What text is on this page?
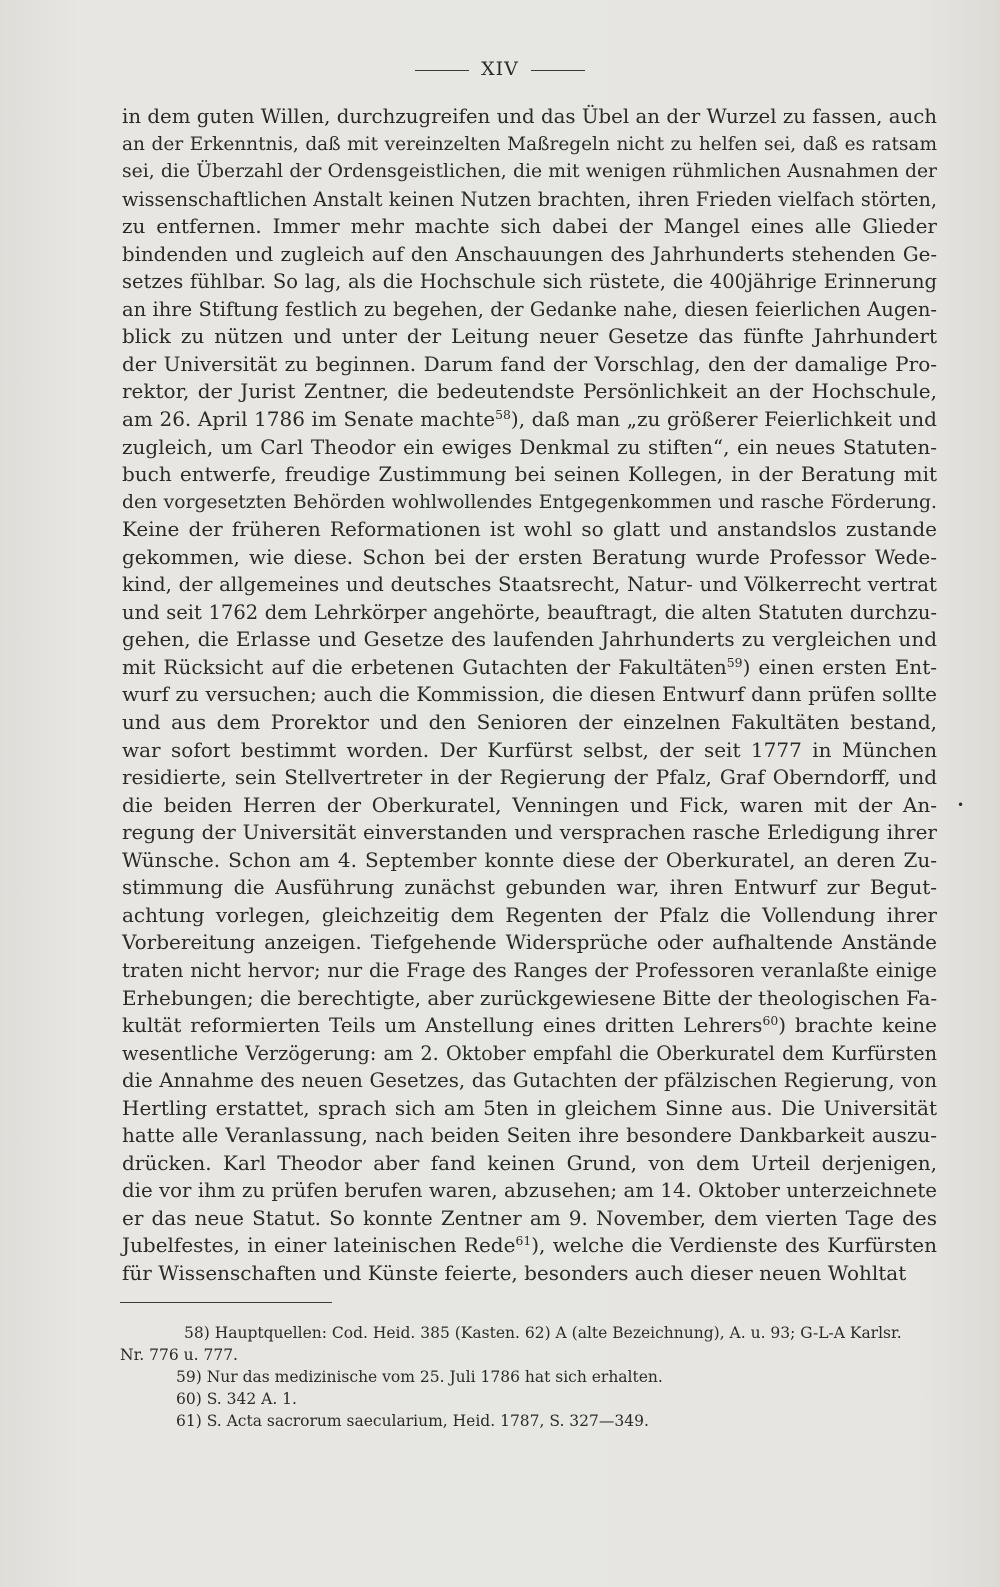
XIV
in dem guten Willen, durchzugreifen und das Übel an der Wurzel zu fassen, auch
an der Erkenntnis, daß mit vereinzelten Maßregeln nicht zu helfen sei, daß es ratsam
sei, die Überzahl der Ordensgeistlichen, die mit wenigen rühmlichen Ausnahmen der
wissenschaftlichen Anstalt keinen Nutzen brachten, ihren Frieden vielfach störten,
zu entfernen. Immer mehr machte sich dabei der Mangel eines alle Glieder
bindenden und zugleich auf den Anschauungen des Jahrhunderts stehenden Ge-
setzes fühlbar. So lag, als die Hochschule sich rüstete, die 400jährige Erinnerung
an ihre Stiftung festlich zu begehen, der Gedanke nahe, diesen feierlichen Augen-
blick zu nützen und unter der Leitung neuer Gesetze das fünfte Jahrhundert
der Universität zu beginnen. Darum fand der Vorschlag, den der damalige Pro-
rektor, der Jurist Zentner, die bedeutendste Persönlichkeit an der Hochschule,
am 26. April 1786 im Senate machte$^{58}$), daß man „zu größerer Feierlichkeit und
zugleich, um Carl Theodor ein ewiges Denkmal zu stiften“, ein neues Statuten-
buch entwerfe, freudige Zustimmung bei seinen Kollegen, in der Beratung mit
den vorgesetzten Behörden wohlwollendes Entgegenkommen und rasche Förderung.
Keine der früheren Reformationen ist wohl so glatt und anstandslos zustande
gekommen, wie diese. Schon bei der ersten Beratung wurde Professor Wede-
kind, der allgemeines und deutsches Staatsrecht, Natur- und Völkerrecht vertrat
und seit 1762 dem Lehrkörper angehörte, beauftragt, die alten Statuten durchzu-
gehen, die Erlasse und Gesetze des laufenden Jahrhunderts zu vergleichen und
mit Rücksicht auf die erbetenen Gutachten der Fakultäten$^{59}$) einen ersten Ent-
wurf zu versuchen; auch die Kommission, die diesen Entwurf dann prüfen sollte
und aus dem Prorektor und den Senioren der einzelnen Fakultäten bestand,
war sofort bestimmt worden. Der Kurfürst selbst, der seit 1777 in München
residierte, sein Stellvertreter in der Regierung der Pfalz, Graf Oberndorff, und
die beiden Herren der Oberkuratel, Venningen und Fick, waren mit der An-
regung der Universität einverstanden und versprachen rasche Erledigung ihrer
Wünsche. Schon am 4. September konnte diese der Oberkuratel, an deren Zu-
stimmung die Ausführung zunächst gebunden war, ihren Entwurf zur Begut-
achtung vorlegen, gleichzeitig dem Regenten der Pfalz die Vollendung ihrer
Vorbereitung anzeigen. Tiefgehende Widersprüche oder aufhaltende Anstände
traten nicht hervor; nur die Frage des Ranges der Professoren veranlaßte einige
Erhebungen; die berechtigte, aber zurückgewiesene Bitte der theologischen Fa-
kultät reformierten Teils um Anstellung eines dritten Lehrers$^{60}$) brachte keine
wesentliche Verzögerung: am 2. Oktober empfahl die Oberkuratel dem Kurfürsten
die Annahme des neuen Gesetzes, das Gutachten der pfälzischen Regierung, von
Hertling erstattet, sprach sich am 5ten in gleichem Sinne aus. Die Universität
hatte alle Veranlassung, nach beiden Seiten ihre besondere Dankbarkeit auszu-
drücken. Karl Theodor aber fand keinen Grund, von dem Urteil derjenigen,
die vor ihm zu prüfen berufen waren, abzusehen; am 14. Oktober unterzeichnete
er das neue Statut. So konnte Zentner am 9. November, dem vierten Tage des
Jubelfestes, in einer lateinischen Rede$^{61}$), welche die Verdienste des Kurfürsten
für Wissenschaften und Künste feierte, besonders auch dieser neuen Wohltat
58) Hauptquellen: Cod. Heid. 385 (Kasten. 62) A (alte Bezeichnung), A. u. 93; G-L-A Karlsr.
Nr. 776 u. 777.
59) Nur das medizinische vom 25. Juli 1786 hat sich erhalten.
60) S. 342 A. 1.
61) S. Acta sacrorum saecularium, Heid. 1787, S. 327—349.
•
